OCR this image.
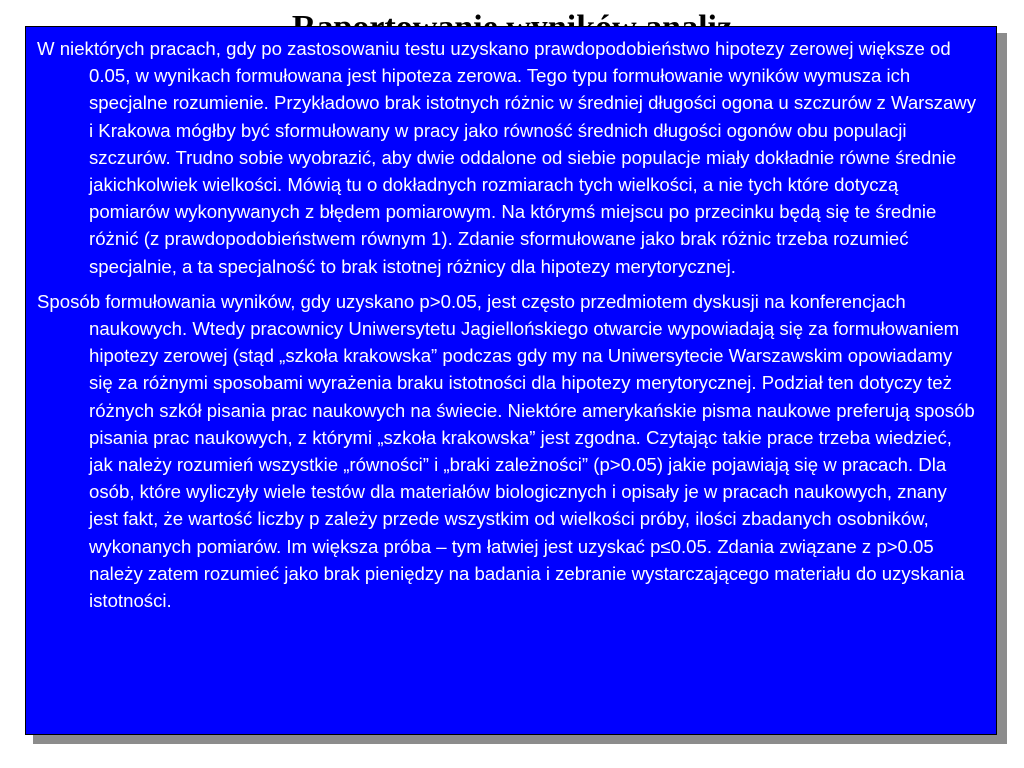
W niektórych pracach, gdy po zastosowaniu testu uzyskano prawdopodobieństwo hipotezy zerowej większe od 0.05, w wynikach formułowana jest hipoteza zerowa. Tego typu formułowanie wyników wymusza ich specjalne rozumienie. Przykładowo brak istotnych różnic w średniej długości ogona u szczurów z Warszawy i Krakowa mógłby być sformułowany w pracy jako równość średnich długości ogonów obu populacji szczurów. Trudno sobie wyobrazić, aby dwie oddalone od siebie populacje miały dokładnie równe średnie jakichkolwiek wielkości. Mówią tu o dokładnych rozmiarach tych wielkości, a nie tych które dotyczą pomiarów wykonywanych z błędem pomiarowym. Na którymś miejscu po przecinku będą się te średnie różnić (z prawdopodobieństwem równym 1). Zdanie sformułowane jako brak różnic trzeba rozumieć specjalnie, a ta specjalność to brak istotnej różnicy dla hipotezy merytorycznej.

Sposób formułowania wyników, gdy uzyskano p>0.05, jest często przedmiotem dyskusji na konferencjach naukowych. Wtedy pracownicy Uniwersytetu Jagiellońskiego otwarcie wypowiadają się za formułowaniem hipotezy zerowej (stąd „szkoła krakowska” podczas gdy my na Uniwersytecie Warszawskim opowiadamy się za różnymi sposobami wyrażenia braku istotności dla hipotezy merytorycznej. Podział ten dotyczy też różnych szkół pisania prac naukowych na świecie. Niektóre amerykańskie pisma naukowe preferują sposób pisania prac naukowych, z którymi „szkoła krakowska” jest zgodna. Czytając takie prace trzeba wiedzieć, jak należy rozumień wszystkie „równości” i „braki zależności” (p>0.05) jakie pojawiają się w pracach. Dla osób, które wyliczyły wiele testów dla materiałów biologicznych i opisały je w pracach naukowych, znany jest fakt, że wartość liczby p zależy przede wszystkim od wielkości próby, ilości zbadanych osobników, wykonanych pomiarów. Im większa próba – tym łatwiej jest uzyskać p≤0.05. Zdania związane z p>0.05 należy zatem rozumieć jako brak pieniędzy na badania i zebranie wystarczającego materiału do uzyskania istotności.
